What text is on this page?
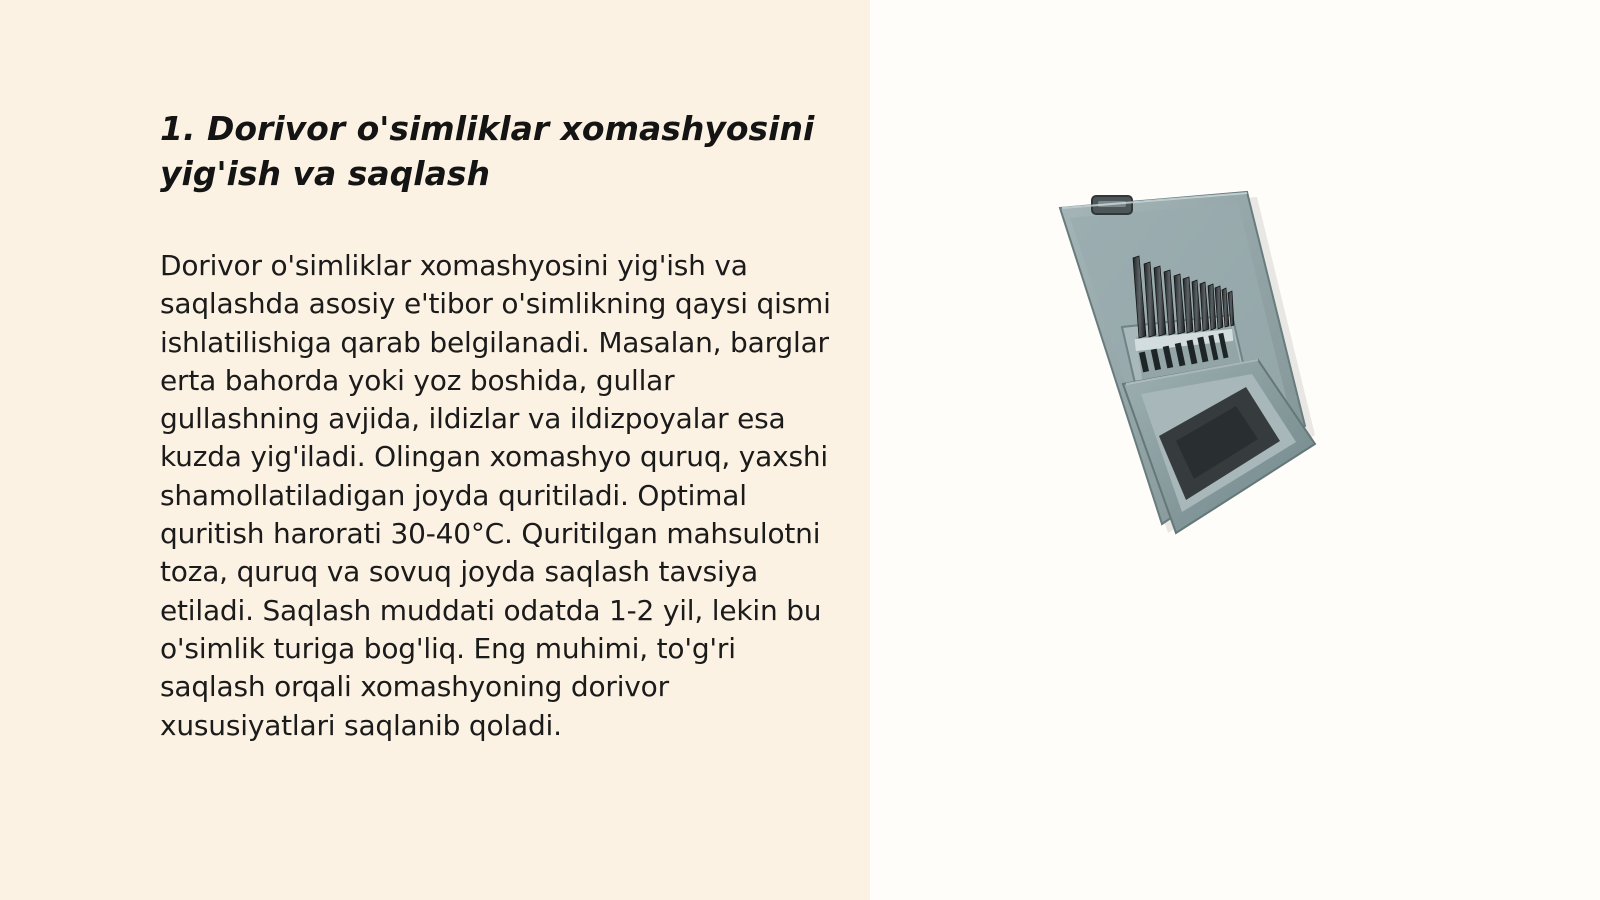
1. Dorivor o'simliklar xomashyosini yig'ish va saqlash

Dorivor o'simliklar xomashyosini yig'ish va saqlashda asosiy e'tibor o'simlikning qaysi qismi ishlatilishiga qarab belgilanadi. Masalan, barglar erta bahorda yoki yoz boshida, gullar gullashning avjida, ildizlar va ildizpoyalar esa kuzda yig'iladi. Olingan xomashyo quruq, yaxshi shamollatiladigan joyda quritiladi. Optimal quritish harorati 30-40°C. Quritilgan mahsulotni toza, quruq va sovuq joyda saqlash tavsiya etiladi. Saqlash muddati odatda 1-2 yil, lekin bu o'simlik turiga bog'liq. Eng muhimi, to'g'ri saqlash orqali xomashyoning dorivor xususiyatlari saqlanib qoladi.
